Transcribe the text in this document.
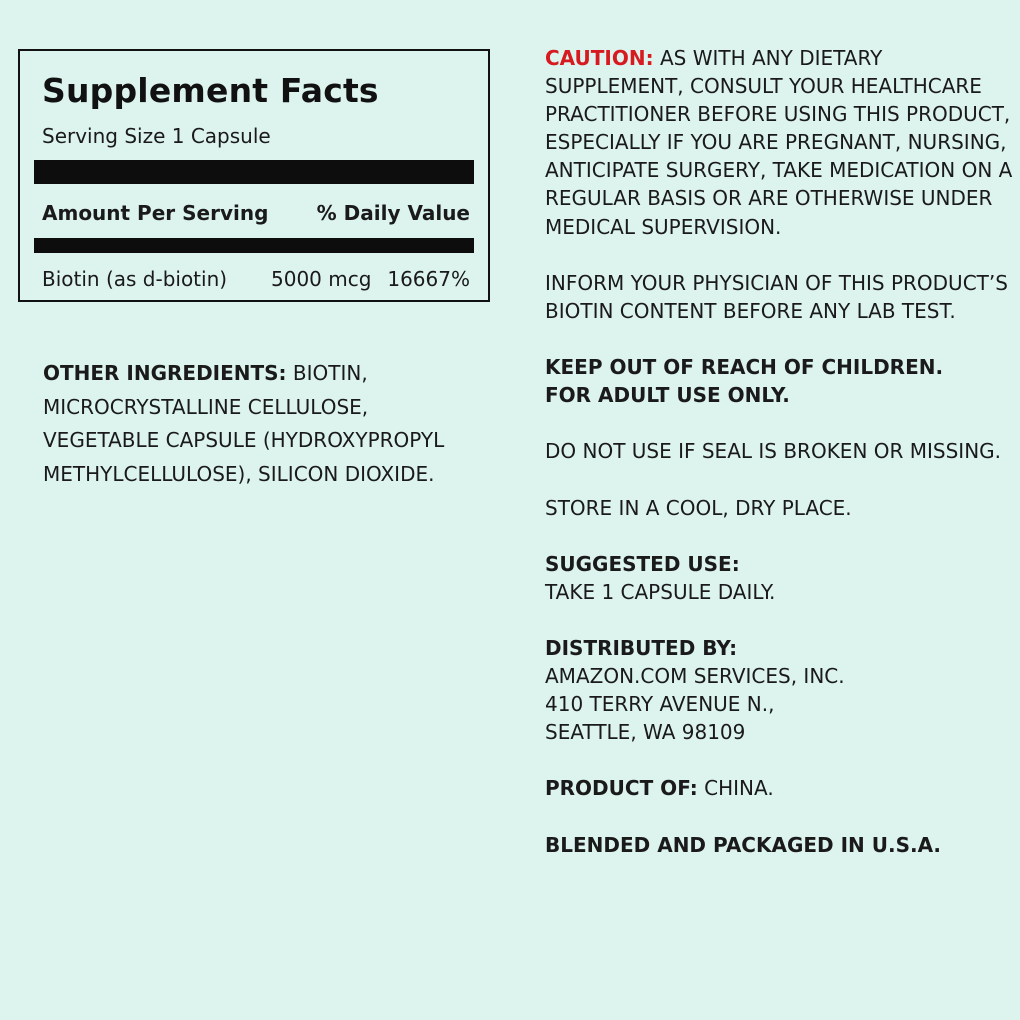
Supplement Facts
Serving Size 1 Capsule
Amount Per Serving % Daily Value
Biotin (as d-biotin) 5000 mcg 16667%

OTHER INGREDIENTS: BIOTIN, MICROCRYSTALLINE CELLULOSE, VEGETABLE CAPSULE (HYDROXYPROPYL METHYLCELLULOSE), SILICON DIOXIDE.

CAUTION: AS WITH ANY DIETARY SUPPLEMENT, CONSULT YOUR HEALTHCARE PRACTITIONER BEFORE USING THIS PRODUCT, ESPECIALLY IF YOU ARE PREGNANT, NURSING, ANTICIPATE SURGERY, TAKE MEDICATION ON A REGULAR BASIS OR ARE OTHERWISE UNDER MEDICAL SUPERVISION.

INFORM YOUR PHYSICIAN OF THIS PRODUCT’S BIOTIN CONTENT BEFORE ANY LAB TEST.

KEEP OUT OF REACH OF CHILDREN.
FOR ADULT USE ONLY.

DO NOT USE IF SEAL IS BROKEN OR MISSING.

STORE IN A COOL, DRY PLACE.

SUGGESTED USE:
TAKE 1 CAPSULE DAILY.

DISTRIBUTED BY:
AMAZON.COM SERVICES, INC.
410 TERRY AVENUE N.,
SEATTLE, WA 98109

PRODUCT OF: CHINA.

BLENDED AND PACKAGED IN U.S.A.
